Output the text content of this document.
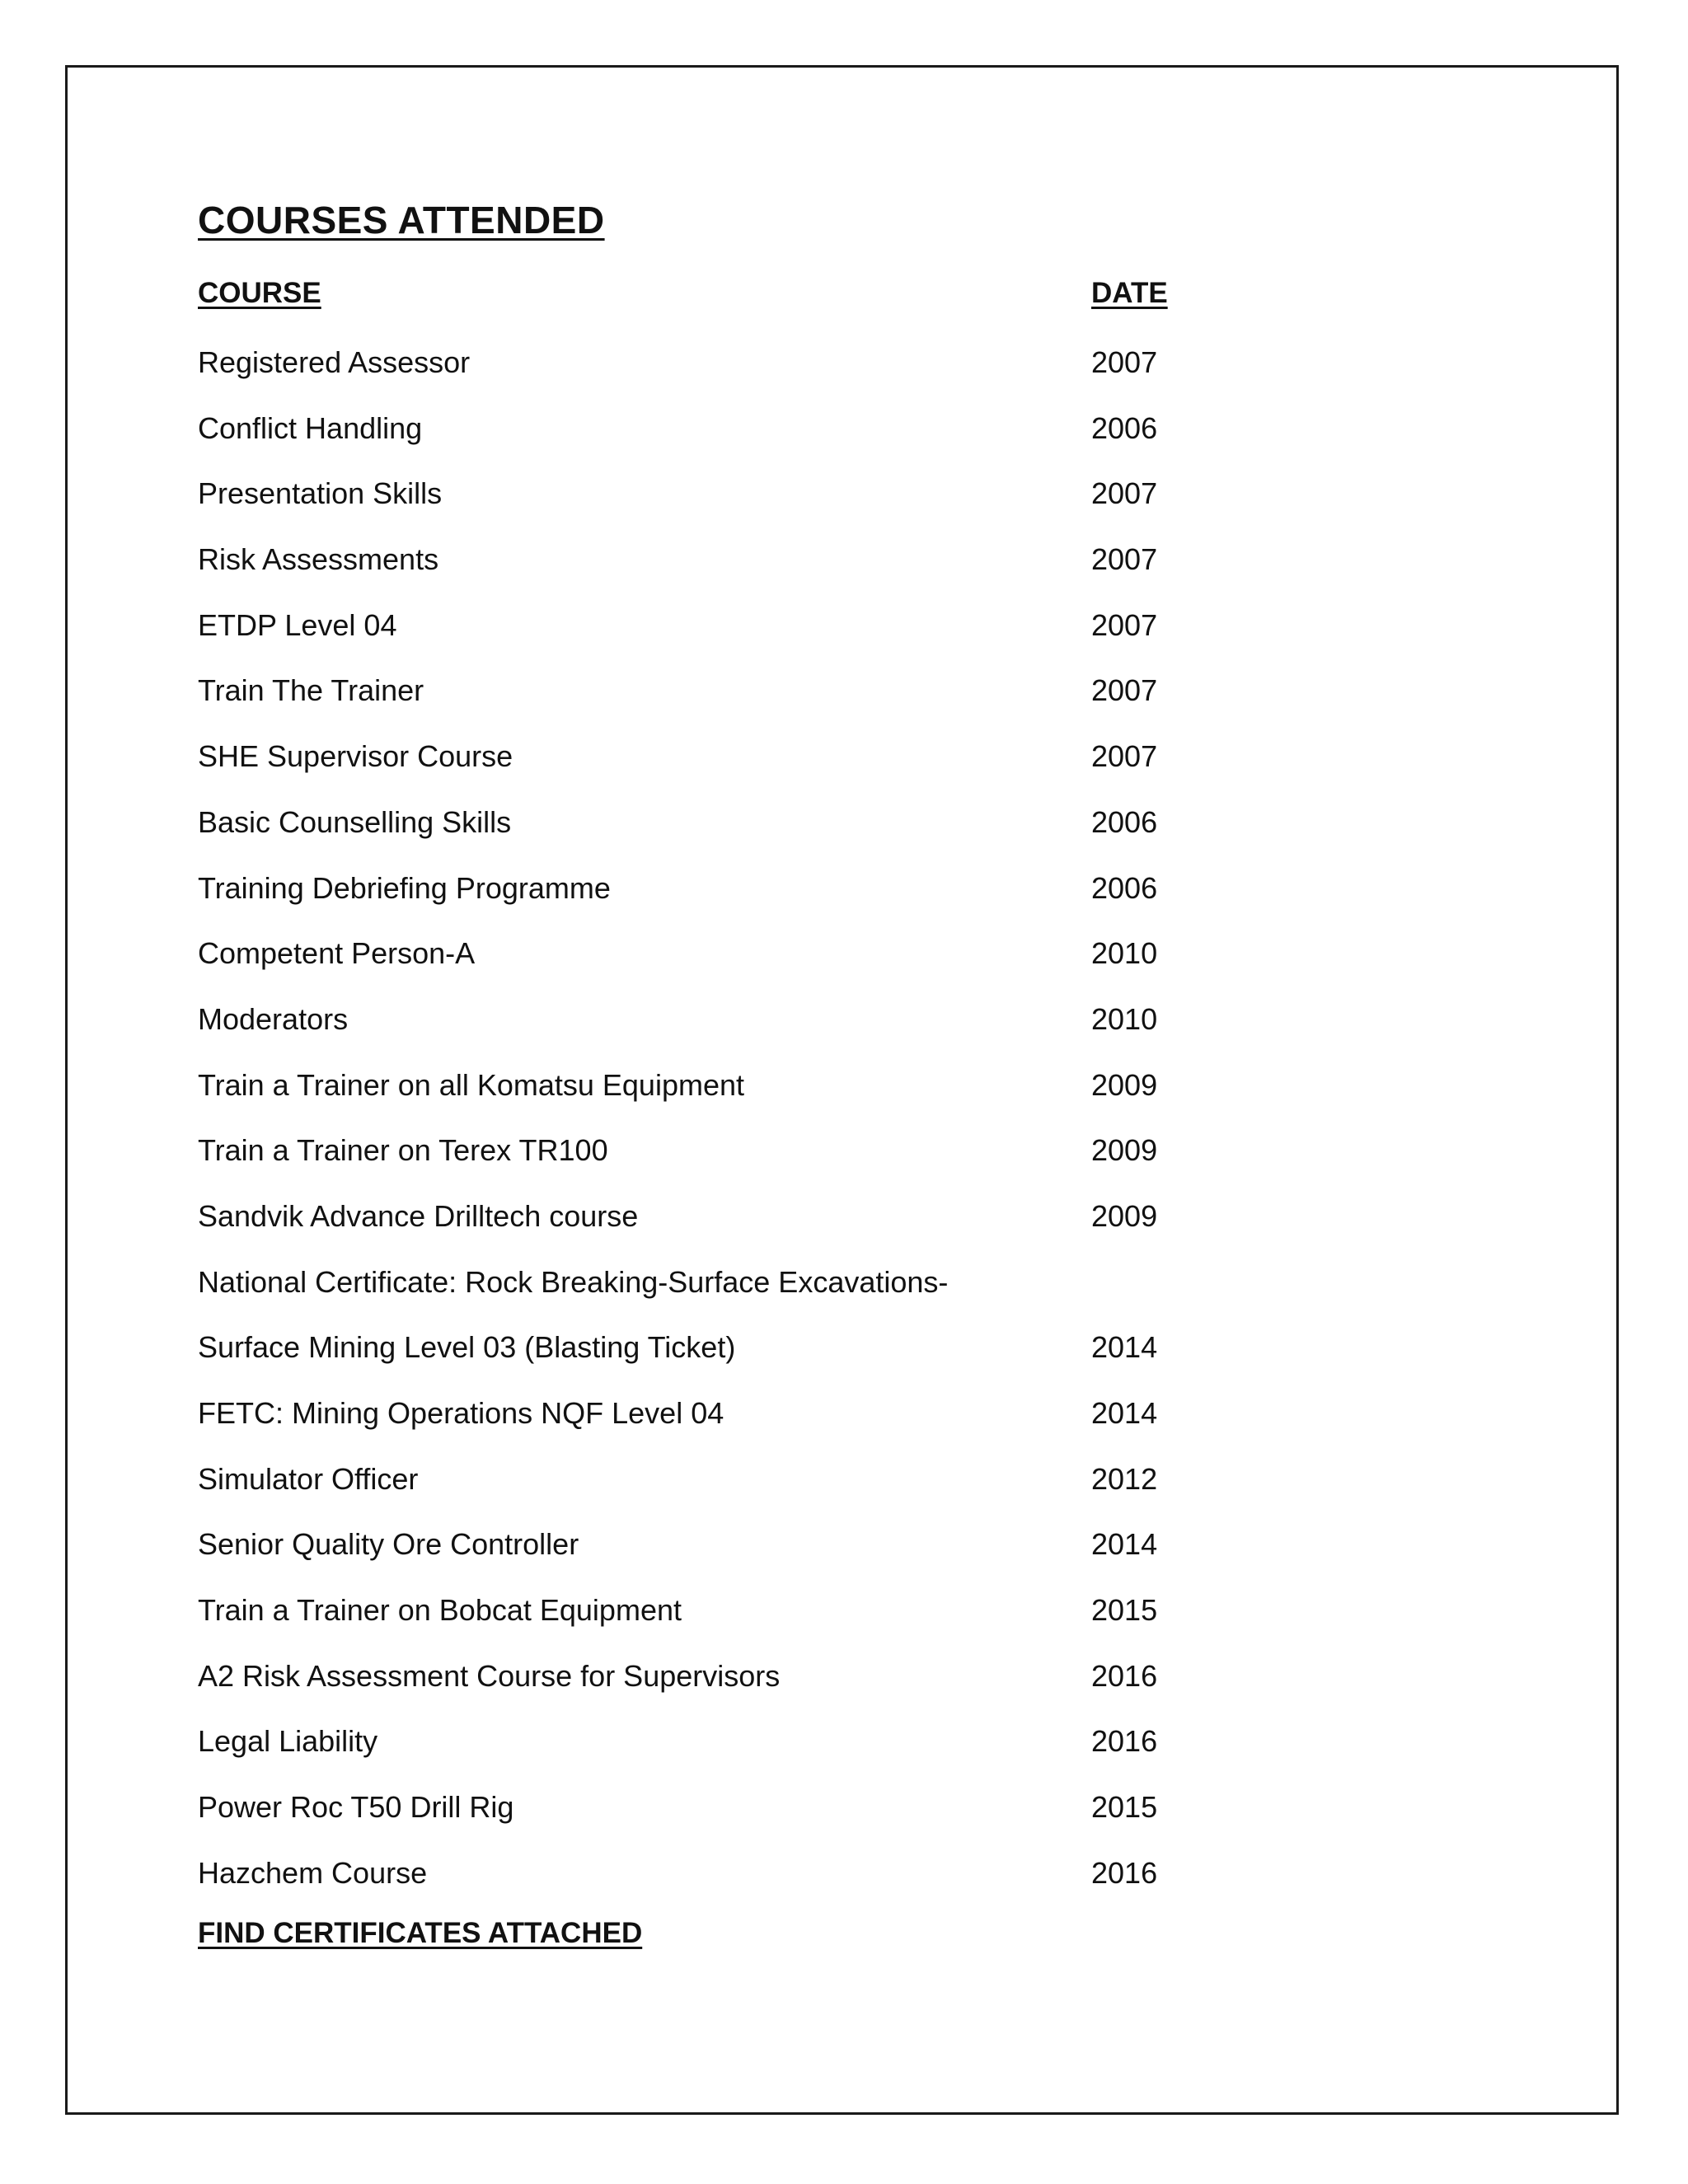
COURSES ATTENDED
COURSE	DATE
Registered Assessor	2007
Conflict Handling	2006
Presentation Skills	2007
Risk Assessments	2007
ETDP Level 04	2007
Train The Trainer	2007
SHE Supervisor Course	2007
Basic Counselling Skills	2006
Training Debriefing Programme	2006
Competent Person-A	2010
Moderators	2010
Train a Trainer on all Komatsu Equipment	2009
Train a Trainer on Terex TR100	2009
Sandvik Advance Drilltech course	2009
National Certificate: Rock Breaking-Surface Excavations-
Surface Mining Level 03 (Blasting Ticket)	2014
FETC: Mining Operations NQF Level 04	2014
Simulator Officer	2012
Senior Quality Ore Controller	2014
Train a Trainer on Bobcat Equipment	2015
A2 Risk Assessment Course for Supervisors	2016
Legal Liability	2016
Power Roc T50 Drill Rig	2015
Hazchem Course	2016
FIND CERTIFICATES ATTACHED
